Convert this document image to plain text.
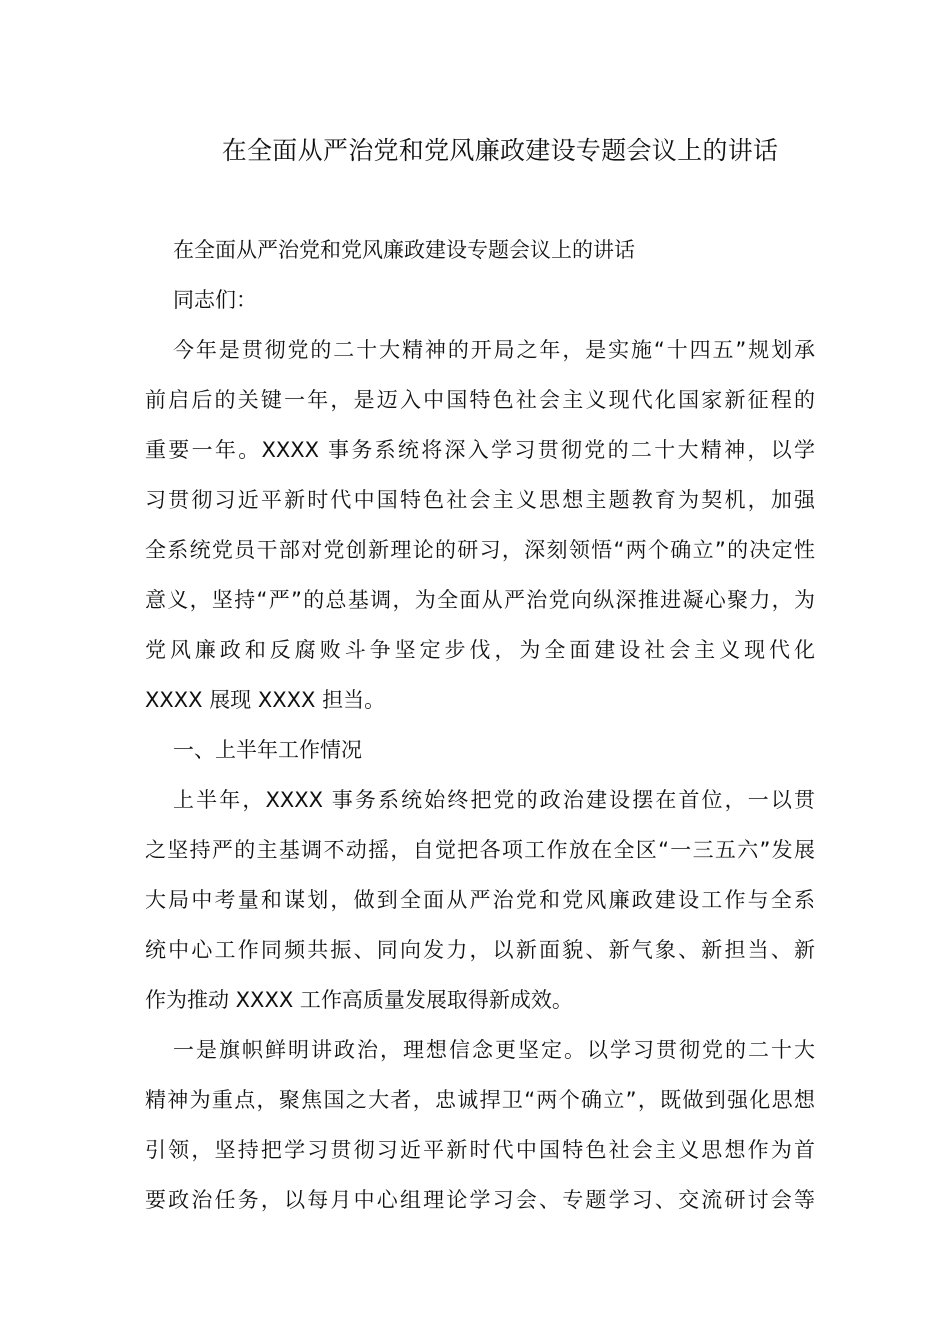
在全面从严治党和党风廉政建设专题会议上的讲话

在全面从严治党和党风廉政建设专题会议上的讲话

同志们：

今年是贯彻党的二十大精神的开局之年，是实施“十四五”规划承

前启后的关键一年，是迈入中国特色社会主义现代化国家新征程的

重要一年。XXXX 事务系统将深入学习贯彻党的二十大精神，以学

习贯彻习近平新时代中国特色社会主义思想主题教育为契机，加强

全系统党员干部对党创新理论的研习，深刻领悟“两个确立”的决定性

意义，坚持“严”的总基调，为全面从严治党向纵深推进凝心聚力，为

党风廉政和反腐败斗争坚定步伐，为全面建设社会主义现代化

XXXX 展现 XXXX 担当。

一、上半年工作情况

上半年，XXXX 事务系统始终把党的政治建设摆在首位，一以贯

之坚持严的主基调不动摇，自觉把各项工作放在全区“一三五六”发展

大局中考量和谋划，做到全面从严治党和党风廉政建设工作与全系

统中心工作同频共振、同向发力，以新面貌、新气象、新担当、新

作为推动 XXXX 工作高质量发展取得新成效。

一是旗帜鲜明讲政治，理想信念更坚定。以学习贯彻党的二十大

精神为重点，聚焦国之大者，忠诚捍卫“两个确立”，既做到强化思想

引领，坚持把学习贯彻习近平新时代中国特色社会主义思想作为首

要政治任务，以每月中心组理论学习会、专题学习、交流研讨会等
